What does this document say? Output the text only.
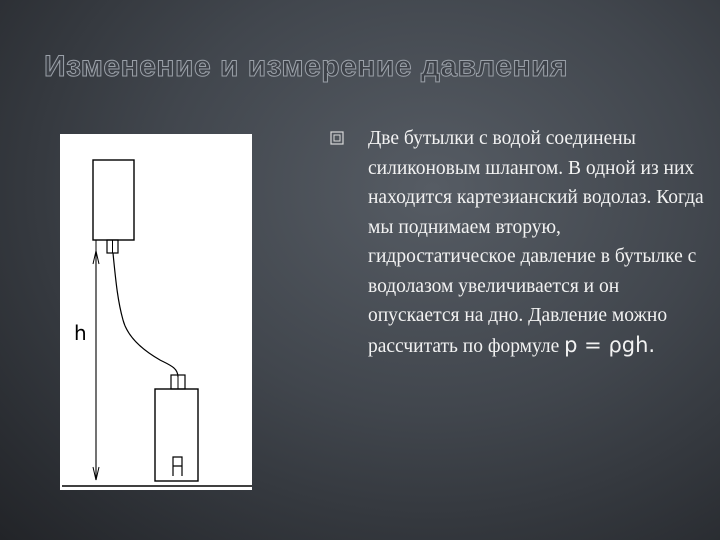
Изменение и измерение давления
h
Две бутылки с водой соединены силиконовым шлангом. В одной из них находится картезианский водолаз. Когда мы поднимаем вторую, гидростатическое давление в бутылке с водолазом увеличивается и он опускается на дно. Давление можно рассчитать по формуле p = ρgh.
